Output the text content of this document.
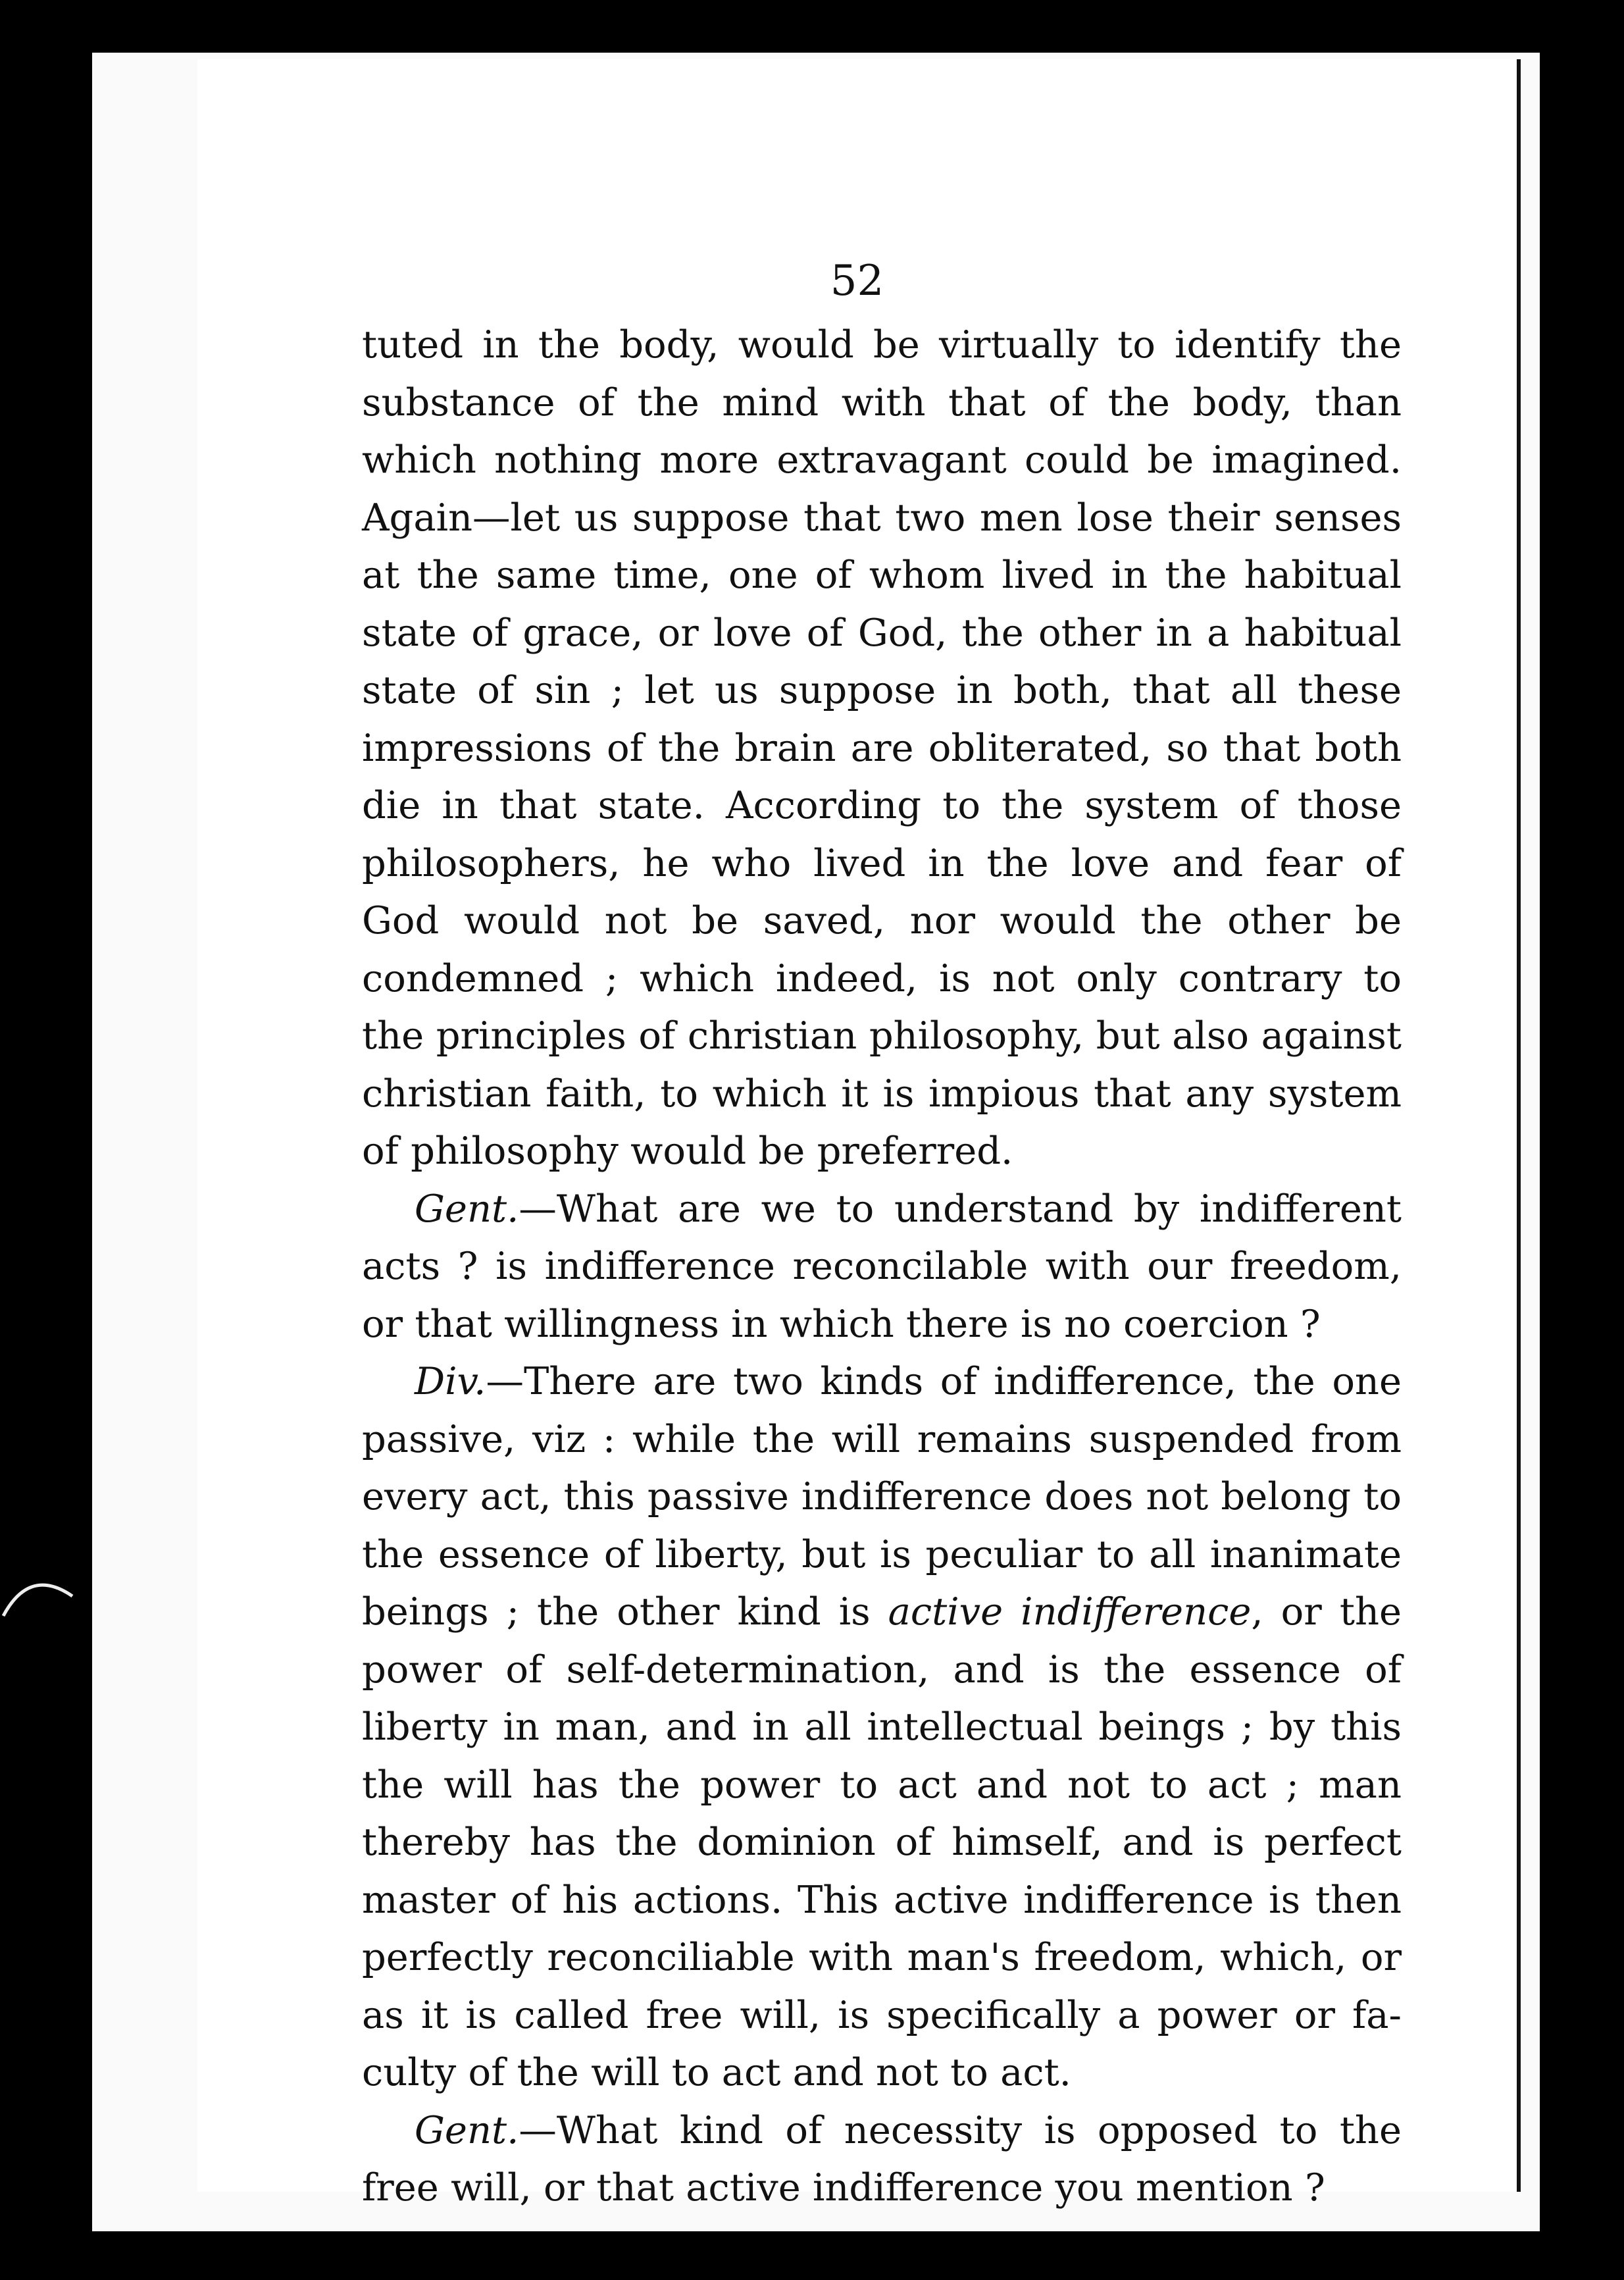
52
tuted in the body, would be virtually to identify the
substance of the mind with that of the body, than
which nothing more extravagant could be imagined.
Again—let us suppose that two men lose their senses
at the same time, one of whom lived in the habitual
state of grace, or love of God, the other in a habitual
state of sin ; let us suppose in both, that all these
impressions of the brain are obliterated, so that both
die in that state. According to the system of those
philosophers, he who lived in the love and fear of
God would not be saved, nor would the other be
condemned ; which indeed, is not only contrary to
the principles of christian philosophy, but also against
christian faith, to which it is impious that any system
of philosophy would be preferred.
Gent.—What are we to understand by indifferent
acts ? is indifference reconcilable with our freedom,
or that willingness in which there is no coercion ?
Div.—There are two kinds of indifference, the one
passive, viz : while the will remains suspended from
every act, this passive indifference does not belong to
the essence of liberty, but is peculiar to all inanimate
beings ; the other kind is active indifference, or the
power of self-determination, and is the essence of
liberty in man, and in all intellectual beings ; by this
the will has the power to act and not to act ; man
thereby has the dominion of himself, and is perfect
master of his actions. This active indifference is then
perfectly reconciliable with man's freedom, which, or
as it is called free will, is specifically a power or fa-
culty of the will to act and not to act.
Gent.—What kind of necessity is opposed to the
free will, or that active indifference you mention ?
